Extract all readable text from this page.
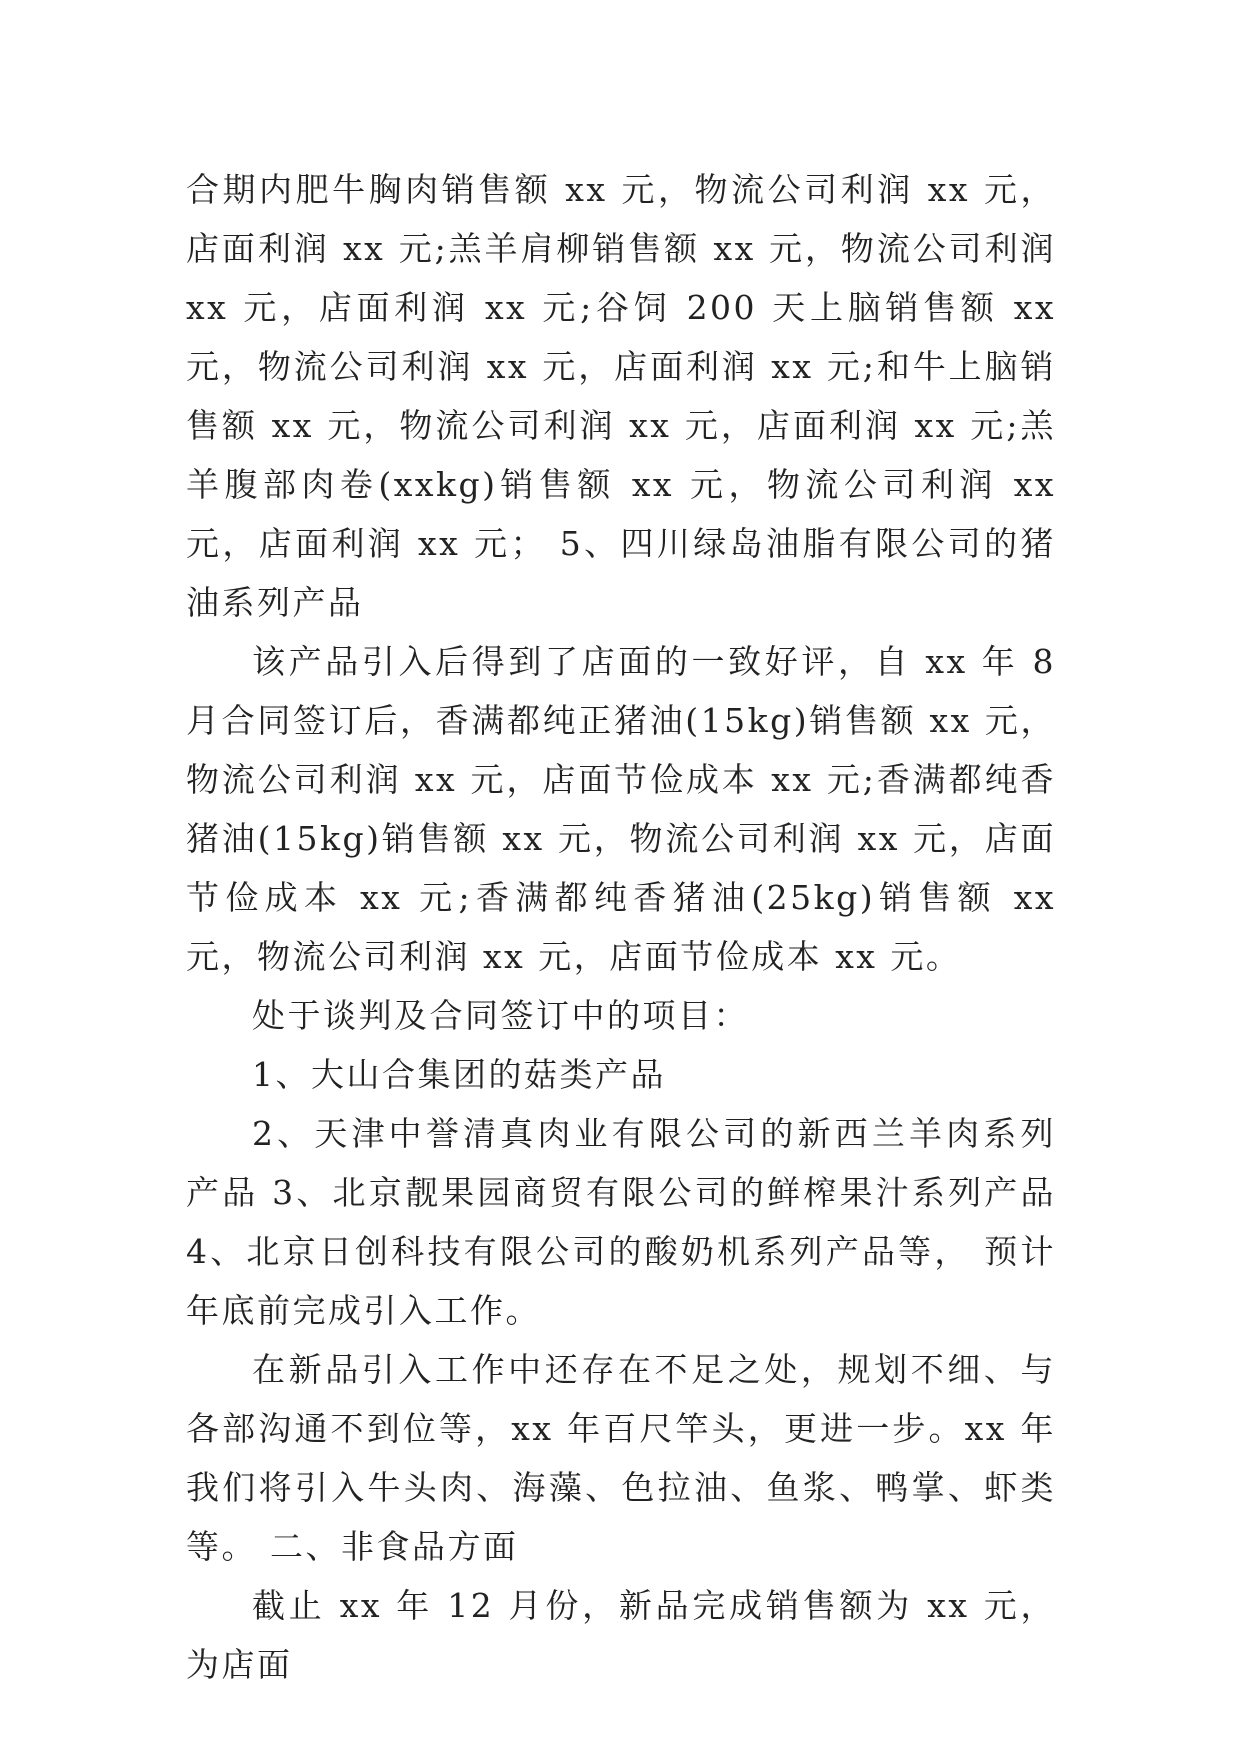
合期内肥牛胸肉销售额 xx 元，物流公司利润 xx 元，店面利润 xx 元;羔羊肩柳销售额 xx 元，物流公司利润 xx 元，店面利润 xx 元;谷饲 200 天上脑销售额 xx 元，物流公司利润 xx 元，店面利润 xx 元;和牛上脑销售额 xx 元，物流公司利润 xx 元，店面利润 xx 元;羔羊腹部肉卷(xxkg)销售额 xx 元，物流公司利润 xx 元，店面利润 xx 元； 5、四川绿岛油脂有限公司的猪油系列产品

该产品引入后得到了店面的一致好评，自 xx 年 8 月合同签订后，香满都纯正猪油(15kg)销售额 xx 元，物流公司利润 xx 元，店面节俭成本 xx 元;香满都纯香猪油(15kg)销售额 xx 元，物流公司利润 xx 元，店面节俭成本 xx 元;香满都纯香猪油(25kg)销售额 xx 元，物流公司利润 xx 元，店面节俭成本 xx 元。

处于谈判及合同签订中的项目：

1、大山合集团的菇类产品

2、天津中誉清真肉业有限公司的新西兰羊肉系列产品 3、北京靓果园商贸有限公司的鲜榨果汁系列产品 4、北京日创科技有限公司的酸奶机系列产品等， 预计年底前完成引入工作。

在新品引入工作中还存在不足之处，规划不细、与各部沟通不到位等，xx 年百尺竿头，更进一步。xx 年我们将引入牛头肉、海藻、色拉油、鱼浆、鸭掌、虾类等。 二、非食品方面

截止 xx 年 12 月份，新品完成销售额为 xx 元，为店面
